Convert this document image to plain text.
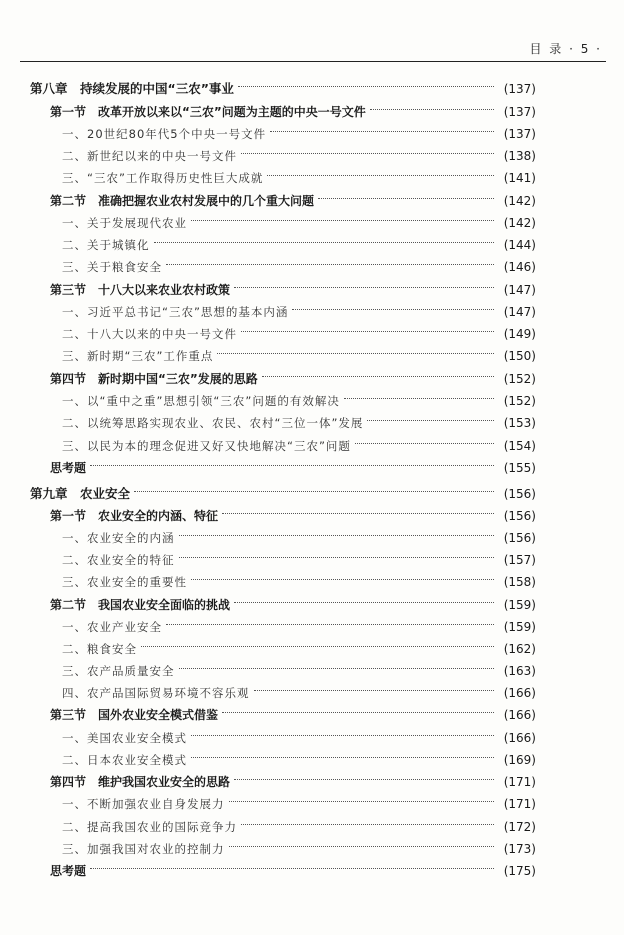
目 录 · 5 ·
第八章　持续发展的中国“三农”事业	(137)
第一节　改革开放以来以“三农”问题为主题的中央一号文件	(137)
一、20世纪80年代5个中央一号文件	(137)
二、新世纪以来的中央一号文件	(138)
三、“三农”工作取得历史性巨大成就	(141)
第二节　准确把握农业农村发展中的几个重大问题	(142)
一、关于发展现代农业	(142)
二、关于城镇化	(144)
三、关于粮食安全	(146)
第三节　十八大以来农业农村政策	(147)
一、习近平总书记“三农”思想的基本内涵	(147)
二、十八大以来的中央一号文件	(149)
三、新时期“三农”工作重点	(150)
第四节　新时期中国“三农”发展的思路	(152)
一、以“重中之重”思想引领“三农”问题的有效解决	(152)
二、以统筹思路实现农业、农民、农村“三位一体”发展	(153)
三、以民为本的理念促进又好又快地解决“三农”问题	(154)
思考题	(155)
第九章　农业安全	(156)
第一节　农业安全的内涵、特征	(156)
一、农业安全的内涵	(156)
二、农业安全的特征	(157)
三、农业安全的重要性	(158)
第二节　我国农业安全面临的挑战	(159)
一、农业产业安全	(159)
二、粮食安全	(162)
三、农产品质量安全	(163)
四、农产品国际贸易环境不容乐观	(166)
第三节　国外农业安全模式借鉴	(166)
一、美国农业安全模式	(166)
二、日本农业安全模式	(169)
第四节　维护我国农业安全的思路	(171)
一、不断加强农业自身发展力	(171)
二、提高我国农业的国际竞争力	(172)
三、加强我国对农业的控制力	(173)
思考题	(175)
